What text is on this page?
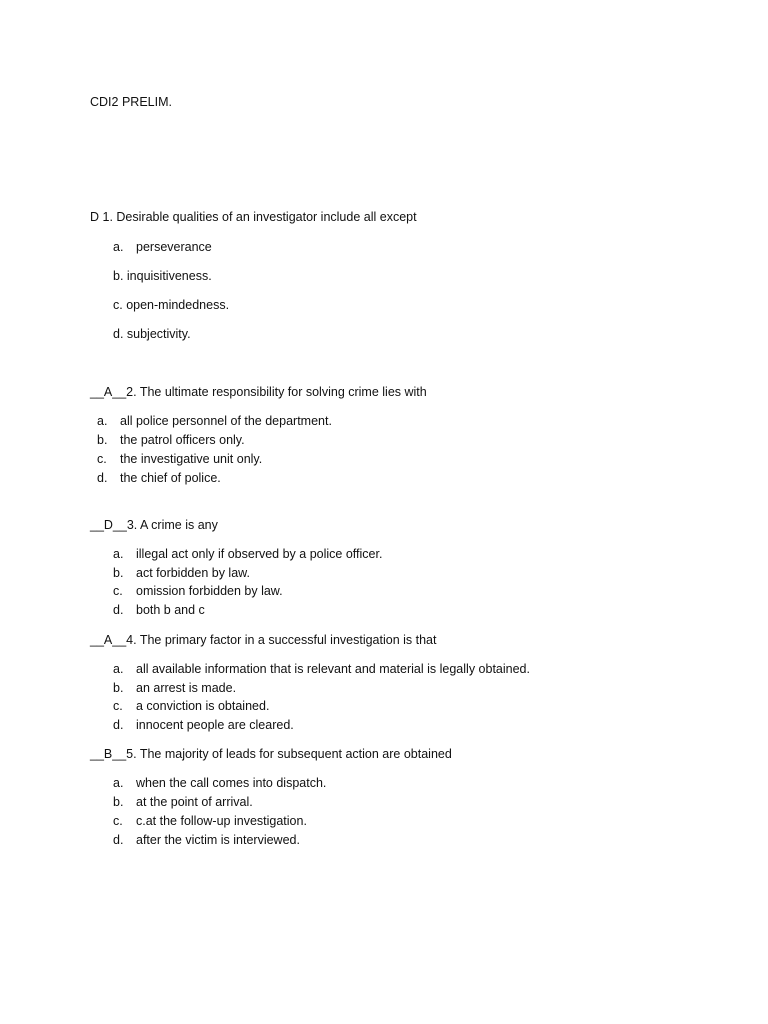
CDI2 PRELIM.

D 1. Desirable qualities of an investigator include all except

a. perseverance

b. inquisitiveness.

c. open-mindedness.

d. subjectivity.

__A__2. The ultimate responsibility for solving crime lies with

a. all police personnel of the department.

b. the patrol officers only.

c. the investigative unit only.

d. the chief of police.

__D__3. A crime is any

a. illegal act only if observed by a police officer.

b. act forbidden by law.

c. omission forbidden by law.

d. both b and c

__A__4. The primary factor in a successful investigation is that

a. all available information that is relevant and material is legally obtained.

b. an arrest is made.

c. a conviction is obtained.

d. innocent people are cleared.

__B__5. The majority of leads for subsequent action are obtained

a. when the call comes into dispatch.

b. at the point of arrival.

c. c.at the follow-up investigation.

d. after the victim is interviewed.
